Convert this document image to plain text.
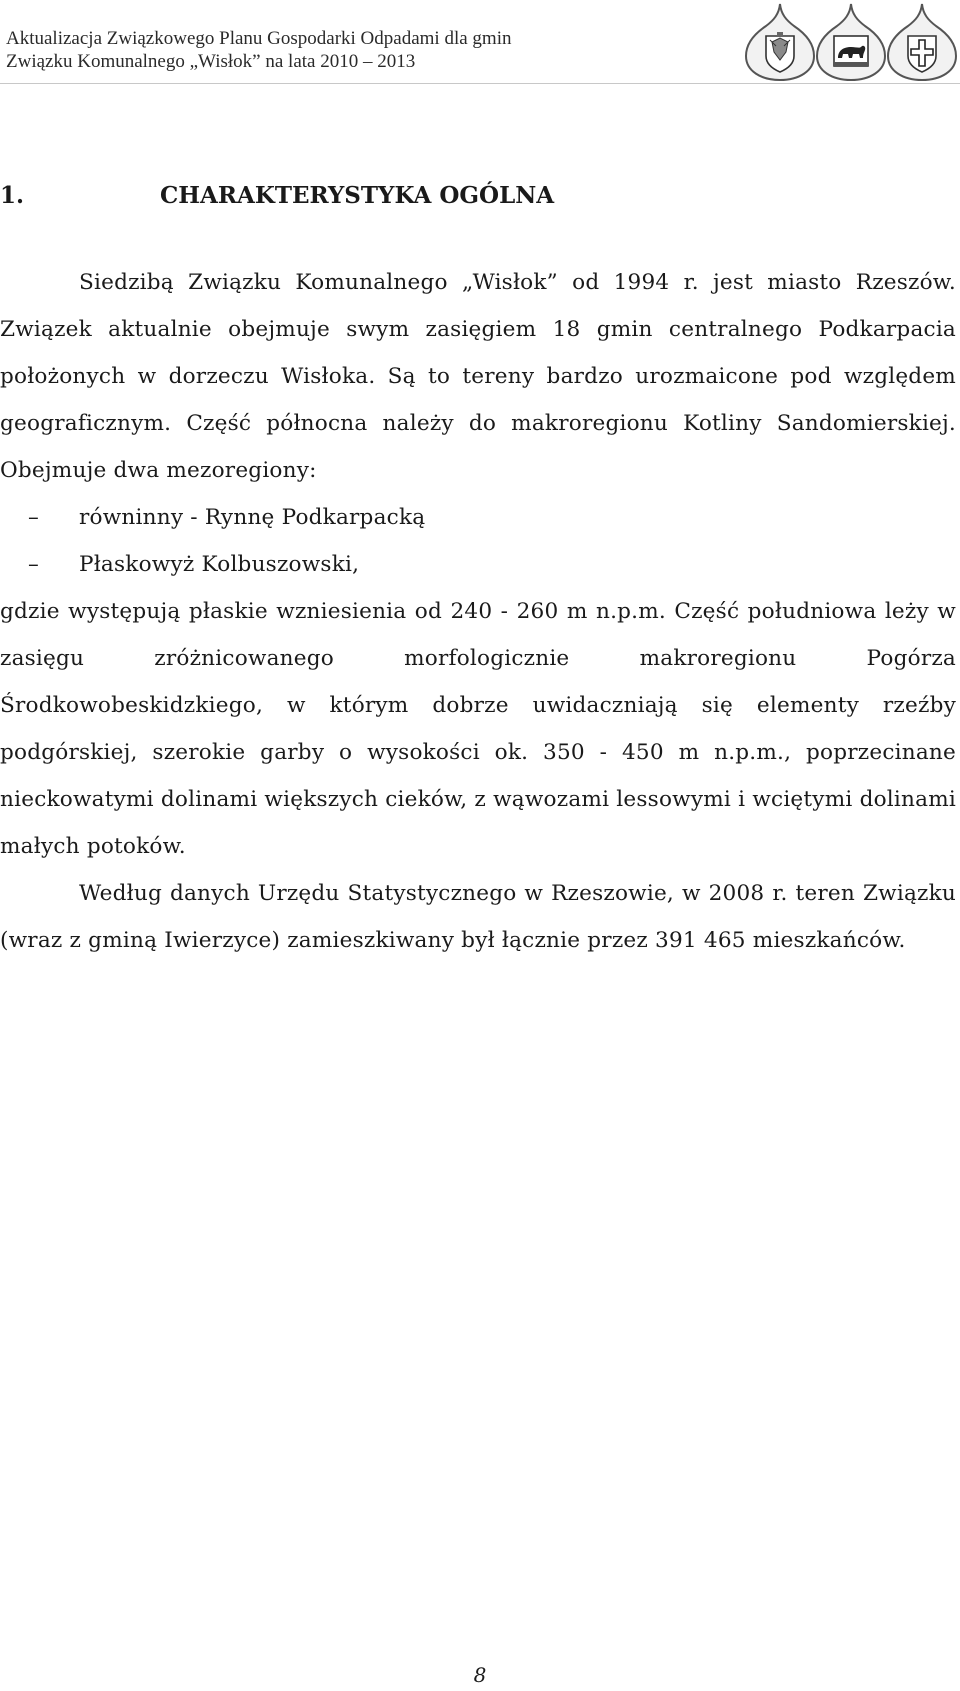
Aktualizacja Związkowego Planu Gospodarki Odpadami dla gmin
Związku Komunalnego „Wisłok” na lata 2010 – 2013
1.	CHARAKTERYSTYKA OGÓLNA

Siedzibą Związku Komunalnego „Wisłok” od 1994 r. jest miasto Rzeszów. Związek aktualnie obejmuje swym zasięgiem 18 gmin centralnego Podkarpacia położonych w dorzeczu Wisłoka. Są to tereny bardzo urozmaicone pod względem geograficznym. Część północna należy do makroregionu Kotliny Sandomierskiej. Obejmuje dwa mezoregiony:

– równinny - Rynnę Podkarpacką
– Płaskowyż Kolbuszowski,

gdzie występują płaskie wzniesienia od 240 - 260 m n.p.m. Część południowa leży w zasięgu zróżnicowanego morfologicznie makroregionu Pogórza Środkowobeskidzkiego, w którym dobrze uwidaczniają się elementy rzeźby podgórskiej, szerokie garby o wysokości ok. 350 - 450 m n.p.m., poprzecinane nieckowatymi dolinami większych cieków, z wąwozami lessowymi i wciętymi dolinami małych potoków.

Według danych Urzędu Statystycznego w Rzeszowie, w 2008 r. teren Związku (wraz z gminą Iwierzyce) zamieszkiwany był łącznie przez 391 465 mieszkańców.

8
